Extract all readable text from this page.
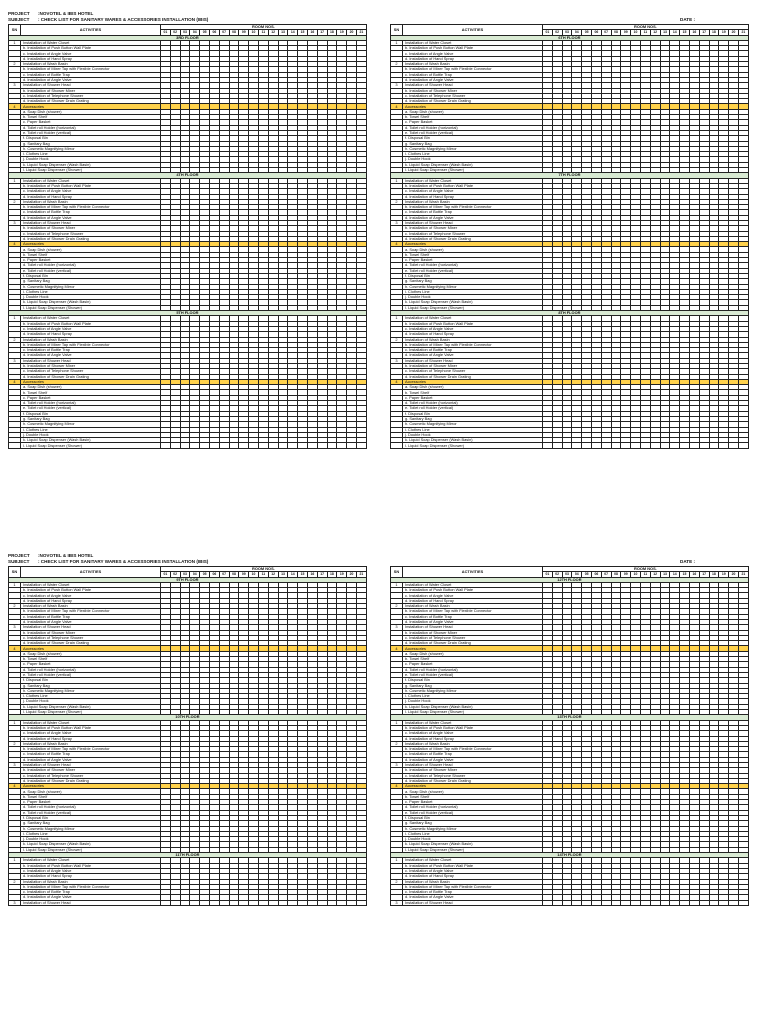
PROJECT :NOVOTEL & IBIS HOTEL
SUBJECT : CHECK LIST FOR SANITARY WARES & ACCESSORIES INSTALLATION (IBIS)	DATE :
PROJECT :NOVOTEL & IBIS HOTEL
SUBJECT : CHECK LIST FOR SANITARY WARES & ACCESSORIES INSTALLATION (IBIS)	DATE :
SN	ACTIVITIES	ROOM NOS.																				
		01	02	03	04	05	06	07	08	09	10	11	12	13	14	15	16	17	18	19	20	21
3RD FLOOR																						
1	Installation of Water Closet																					
	b. Installation of Push Button Wall Plate																					
	c. Installation of Angle Valve																					
	d. Installation of Hand Spray																					
2	Installation of Wash Basin																					
	b. Installation of Mixer Tap with Flexible Connector																					
	c. Installation of Bottle Trap																					
	d. Installation of Angle Valve																					
3	Installation of Shower Head																					
	b. Installation of Shower Mixer																					
	c. Installation of Telephone Shower																					
	d. Installation of Shower Drain Grating																					
4	Accessories																					
	a. Soap Dish (shower)																					
	b. Towel Shelf																					
	c. Paper Basket																					
	d. Toilet roll Holder (horizontal)																					
	e. Toilet roll Holder (vertical)																					
	f. Disposal Bin																					
	g. Sanitary Bag																					
	h. Cosmetic Magnifying Mirror																					
	i. Clothes Line																					
	j. Double Hook																					
	k. Liquid Soap Dispenser (Wash Basin)																					
	l. Liquid Soap Dispenser (Shower)																					
4TH FLOOR																						
1	Installation of Water Closet																					
	b. Installation of Push Button Wall Plate																					
	c. Installation of Angle Valve																					
	d. Installation of Hand Spray																					
2	Installation of Wash Basin																					
	b. Installation of Mixer Tap with Flexible Connector																					
	c. Installation of Bottle Trap																					
	d. Installation of Angle Valve																					
3	Installation of Shower Head																					
	b. Installation of Shower Mixer																					
	c. Installation of Telephone Shower																					
	d. Installation of Shower Drain Grating																					
4	Accessories																					
	a. Soap Dish (shower)																					
	b. Towel Shelf																					
	c. Paper Basket																					
	d. Toilet roll Holder (horizontal)																					
	e. Toilet roll Holder (vertical)																					
	f. Disposal Bin																					
	g. Sanitary Bag																					
	h. Cosmetic Magnifying Mirror																					
	i. Clothes Line																					
	j. Double Hook																					
	k. Liquid Soap Dispenser (Wash Basin)																					
	l. Liquid Soap Dispenser (Shower)																					
5TH FLOOR																						
1	Installation of Water Closet																					
	b. Installation of Push Button Wall Plate																					
	c. Installation of Angle Valve																					
	d. Installation of Hand Spray																					
2	Installation of Wash Basin																					
	b. Installation of Mixer Tap with Flexible Connector																					
	c. Installation of Bottle Trap																					
	d. Installation of Angle Valve																					
3	Installation of Shower Head																					
	b. Installation of Shower Mixer																					
	c. Installation of Telephone Shower																					
	d. Installation of Shower Drain Grating																					
4	Accessories																					
	a. Soap Dish (shower)																					
	b. Towel Shelf																					
	c. Paper Basket																					
	d. Toilet roll Holder (horizontal)																					
	e. Toilet roll Holder (vertical)																					
	f. Disposal Bin																					
	g. Sanitary Bag																					
	h. Cosmetic Magnifying Mirror																					
	i. Clothes Line																					
	j. Double Hook																					
	k. Liquid Soap Dispenser (Wash Basin)																					
	l. Liquid Soap Dispenser (Shower)																					
SN	ACTIVITIES	ROOM NOS.																				
		01	02	03	04	05	06	07	08	09	10	11	12	13	14	15	16	17	18	19	20	21
6TH FLOOR																						
1	Installation of Water Closet																					
	b. Installation of Push Button Wall Plate																					
	c. Installation of Angle Valve																					
	d. Installation of Hand Spray																					
2	Installation of Wash Basin																					
	b. Installation of Mixer Tap with Flexible Connector																					
	c. Installation of Bottle Trap																					
	d. Installation of Angle Valve																					
3	Installation of Shower Head																					
	b. Installation of Shower Mixer																					
	c. Installation of Telephone Shower																					
	d. Installation of Shower Drain Grating																					
4	Accessories																					
	a. Soap Dish (shower)																					
	b. Towel Shelf																					
	c. Paper Basket																					
	d. Toilet roll Holder (horizontal)																					
	e. Toilet roll Holder (vertical)																					
	f. Disposal Bin																					
	g. Sanitary Bag																					
	h. Cosmetic Magnifying Mirror																					
	i. Clothes Line																					
	j. Double Hook																					
	k. Liquid Soap Dispenser (Wash Basin)																					
	l. Liquid Soap Dispenser (Shower)																					
7TH FLOOR																						
1	Installation of Water Closet																					
	b. Installation of Push Button Wall Plate																					
	c. Installation of Angle Valve																					
	d. Installation of Hand Spray																					
2	Installation of Wash Basin																					
	b. Installation of Mixer Tap with Flexible Connector																					
	c. Installation of Bottle Trap																					
	d. Installation of Angle Valve																					
3	Installation of Shower Head																					
	b. Installation of Shower Mixer																					
	c. Installation of Telephone Shower																					
	d. Installation of Shower Drain Grating																					
4	Accessories																					
	a. Soap Dish (shower)																					
	b. Towel Shelf																					
	c. Paper Basket																					
	d. Toilet roll Holder (horizontal)																					
	e. Toilet roll Holder (vertical)																					
	f. Disposal Bin																					
	g. Sanitary Bag																					
	h. Cosmetic Magnifying Mirror																					
	i. Clothes Line																					
	j. Double Hook																					
	k. Liquid Soap Dispenser (Wash Basin)																					
	l. Liquid Soap Dispenser (Shower)																					
8TH FLOOR																						
1	Installation of Water Closet																					
	b. Installation of Push Button Wall Plate																					
	c. Installation of Angle Valve																					
	d. Installation of Hand Spray																					
2	Installation of Wash Basin																					
	b. Installation of Mixer Tap with Flexible Connector																					
	c. Installation of Bottle Trap																					
	d. Installation of Angle Valve																					
3	Installation of Shower Head																					
	b. Installation of Shower Mixer																					
	c. Installation of Telephone Shower																					
	d. Installation of Shower Drain Grating																					
4	Accessories																					
	a. Soap Dish (shower)																					
	b. Towel Shelf																					
	c. Paper Basket																					
	d. Toilet roll Holder (horizontal)																					
	e. Toilet roll Holder (vertical)																					
	f. Disposal Bin																					
	g. Sanitary Bag																					
	h. Cosmetic Magnifying Mirror																					
	i. Clothes Line																					
	j. Double Hook																					
	k. Liquid Soap Dispenser (Wash Basin)																					
	l. Liquid Soap Dispenser (Shower)																					
SN	ACTIVITIES	ROOM NOS.																				
		01	02	03	04	05	06	07	08	09	10	11	12	13	14	15	16	17	18	19	20	21
9TH FLOOR																						
1	Installation of Water Closet																					
	b. Installation of Push Button Wall Plate																					
	c. Installation of Angle Valve																					
	d. Installation of Hand Spray																					
2	Installation of Wash Basin																					
	b. Installation of Mixer Tap with Flexible Connector																					
	c. Installation of Bottle Trap																					
	d. Installation of Angle Valve																					
3	Installation of Shower Head																					
	b. Installation of Shower Mixer																					
	c. Installation of Telephone Shower																					
	d. Installation of Shower Drain Grating																					
4	Accessories																					
	a. Soap Dish (shower)																					
	b. Towel Shelf																					
	c. Paper Basket																					
	d. Toilet roll Holder (horizontal)																					
	e. Toilet roll Holder (vertical)																					
	f. Disposal Bin																					
	g. Sanitary Bag																					
	h. Cosmetic Magnifying Mirror																					
	i. Clothes Line																					
	j. Double Hook																					
	k. Liquid Soap Dispenser (Wash Basin)																					
	l. Liquid Soap Dispenser (Shower)																					
10TH FLOOR																						
1	Installation of Water Closet																					
	b. Installation of Push Button Wall Plate																					
	c. Installation of Angle Valve																					
	d. Installation of Hand Spray																					
2	Installation of Wash Basin																					
	b. Installation of Mixer Tap with Flexible Connector																					
	c. Installation of Bottle Trap																					
	d. Installation of Angle Valve																					
3	Installation of Shower Head																					
	b. Installation of Shower Mixer																					
	c. Installation of Telephone Shower																					
	d. Installation of Shower Drain Grating																					
4	Accessories																					
	a. Soap Dish (shower)																					
	b. Towel Shelf																					
	c. Paper Basket																					
	d. Toilet roll Holder (horizontal)																					
	e. Toilet roll Holder (vertical)																					
	f. Disposal Bin																					
	g. Sanitary Bag																					
	h. Cosmetic Magnifying Mirror																					
	i. Clothes Line																					
	j. Double Hook																					
	k. Liquid Soap Dispenser (Wash Basin)																					
	l. Liquid Soap Dispenser (Shower)																					
11TH FLOOR																						
1	Installation of Water Closet																					
	b. Installation of Push Button Wall Plate																					
	c. Installation of Angle Valve																					
	d. Installation of Hand Spray																					
2	Installation of Wash Basin																					
	b. Installation of Mixer Tap with Flexible Connector																					
	c. Installation of Bottle Trap																					
	d. Installation of Angle Valve																					
3	Installation of Shower Head																					
SN	ACTIVITIES	ROOM NOS.																				
		01	02	03	04	05	06	07	08	09	10	11	12	13	14	15	16	17	18	19	20	21
12TH FLOOR																						
1	Installation of Water Closet																					
	b. Installation of Push Button Wall Plate																					
	c. Installation of Angle Valve																					
	d. Installation of Hand Spray																					
2	Installation of Wash Basin																					
	b. Installation of Mixer Tap with Flexible Connector																					
	c. Installation of Bottle Trap																					
	d. Installation of Angle Valve																					
3	Installation of Shower Head																					
	b. Installation of Shower Mixer																					
	c. Installation of Telephone Shower																					
	d. Installation of Shower Drain Grating																					
4	Accessories																					
	a. Soap Dish (shower)																					
	b. Towel Shelf																					
	c. Paper Basket																					
	d. Toilet roll Holder (horizontal)																					
	e. Toilet roll Holder (vertical)																					
	f. Disposal Bin																					
	g. Sanitary Bag																					
	h. Cosmetic Magnifying Mirror																					
	i. Clothes Line																					
	j. Double Hook																					
	k. Liquid Soap Dispenser (Wash Basin)																					
	l. Liquid Soap Dispenser (Shower)																					
13TH FLOOR																						
1	Installation of Water Closet																					
	b. Installation of Push Button Wall Plate																					
	c. Installation of Angle Valve																					
	d. Installation of Hand Spray																					
2	Installation of Wash Basin																					
	b. Installation of Mixer Tap with Flexible Connector																					
	c. Installation of Bottle Trap																					
	d. Installation of Angle Valve																					
3	Installation of Shower Head																					
	b. Installation of Shower Mixer																					
	c. Installation of Telephone Shower																					
	d. Installation of Shower Drain Grating																					
4	Accessories																					
	a. Soap Dish (shower)																					
	b. Towel Shelf																					
	c. Paper Basket																					
	d. Toilet roll Holder (horizontal)																					
	e. Toilet roll Holder (vertical)																					
	f. Disposal Bin																					
	g. Sanitary Bag																					
	h. Cosmetic Magnifying Mirror																					
	i. Clothes Line																					
	j. Double Hook																					
	k. Liquid Soap Dispenser (Wash Basin)																					
	l. Liquid Soap Dispenser (Shower)																					
14TH FLOOR																						
1	Installation of Water Closet																					
	b. Installation of Push Button Wall Plate																					
	c. Installation of Angle Valve																					
	d. Installation of Hand Spray																					
2	Installation of Wash Basin																					
	b. Installation of Mixer Tap with Flexible Connector																					
	c. Installation of Bottle Trap																					
	d. Installation of Angle Valve																					
3	Installation of Shower Head																					
